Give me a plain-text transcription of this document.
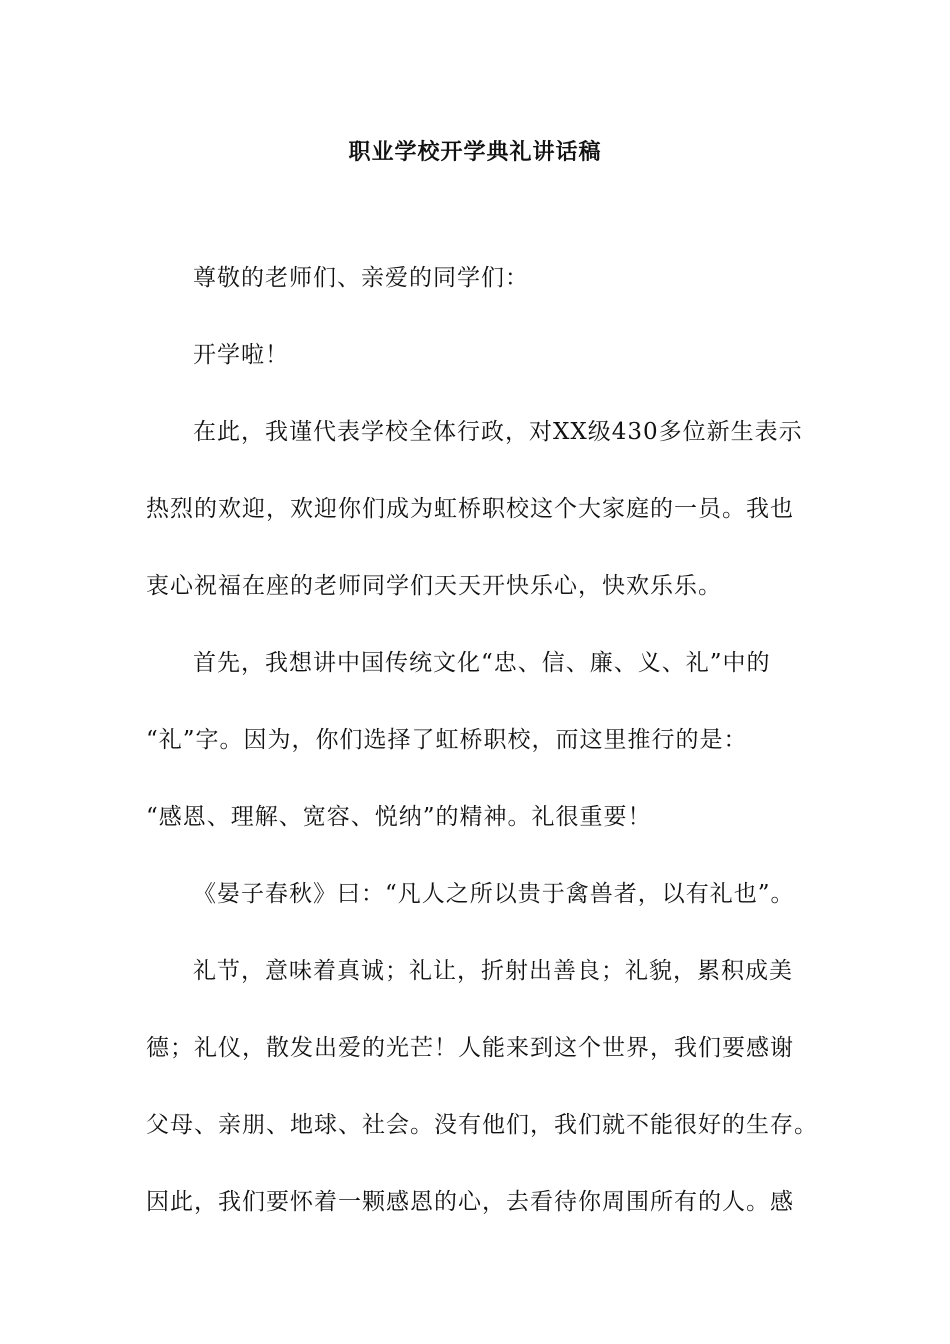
职业学校开学典礼讲话稿
尊敬的老师们、亲爱的同学们：
开学啦！
在此，我谨代表学校全体行政，对XX级430多位新生表示
热烈的欢迎，欢迎你们成为虹桥职校这个大家庭的一员。我也
衷心祝福在座的老师同学们天天开快乐心，快欢乐乐。
首先，我想讲中国传统文化“忠、信、廉、义、礼”中的
“礼”字。因为，你们选择了虹桥职校，而这里推行的是：
“感恩、理解、宽容、悦纳”的精神。礼很重要！
《晏子春秋》曰：“凡人之所以贵于禽兽者，以有礼也”。
礼节，意味着真诚；礼让，折射出善良；礼貌，累积成美
德；礼仪，散发出爱的光芒！人能来到这个世界，我们要感谢
父母、亲朋、地球、社会。没有他们，我们就不能很好的生存。
因此，我们要怀着一颗感恩的心，去看待你周围所有的人。感
